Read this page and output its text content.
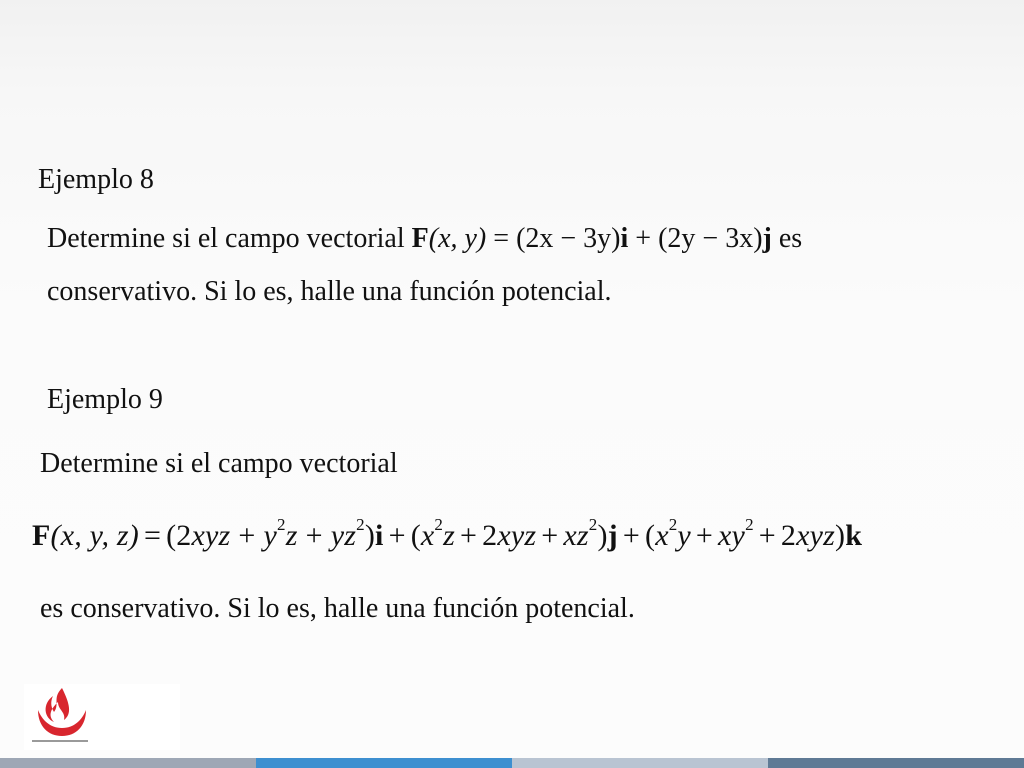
Ejemplo 8
Determine si el campo vectorial F(x, y) = (2x − 3y)i + (2y − 3x)j es
conservativo. Si lo es, halle una función potencial.
Ejemplo 9
Determine si el campo vectorial
F(x, y, $z) = (2xyz + y^2z + yz^2)i + (x^2z + 2xyz + xz^2)j + (x^2y + xy^2 + 2xyz)k$
es conservativo. Si lo es, halle una función potencial.
